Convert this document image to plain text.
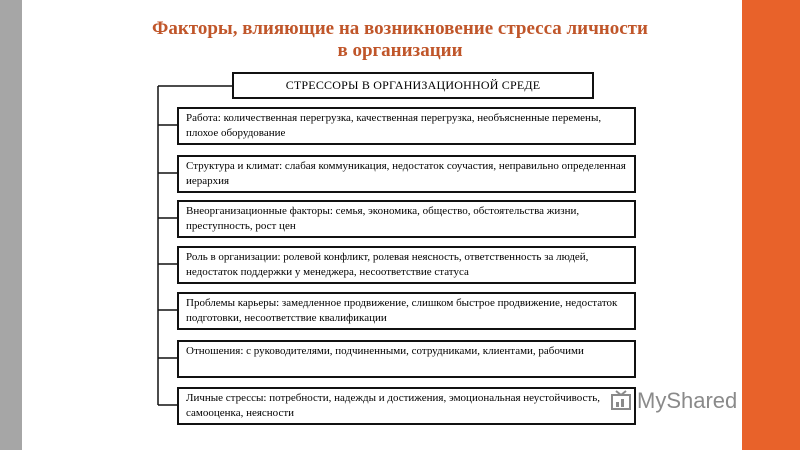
Факторы, влияющие на возникновение стресса личности
в организации
СТРЕССОРЫ В ОРГАНИЗАЦИОННОЙ СРЕДЕ
Работа: количественная перегрузка, качественная перегрузка, необъясненные перемены, плохое оборудование
Структура и климат: слабая коммуникация, недостаток соучастия, неправильно определенная иерархия
Внеорганизационные факторы: семья, экономика, общество, обстоятельства жизни, преступность, рост цен
Роль в организации: ролевой конфликт, ролевая неясность, ответственность за людей, недостаток поддержки у менеджера, несоответствие статуса
Проблемы карьеры: замедленное продвижение, слишком быстрое продвижение, недостаток подготовки, несоответствие квалификации
Отношения: с руководителями, подчиненными, сотрудниками, клиентами, рабочими
Личные стрессы: потребности, надежды и достижения, эмоциональная неустойчивость, самооценка, неясности	MyShared
